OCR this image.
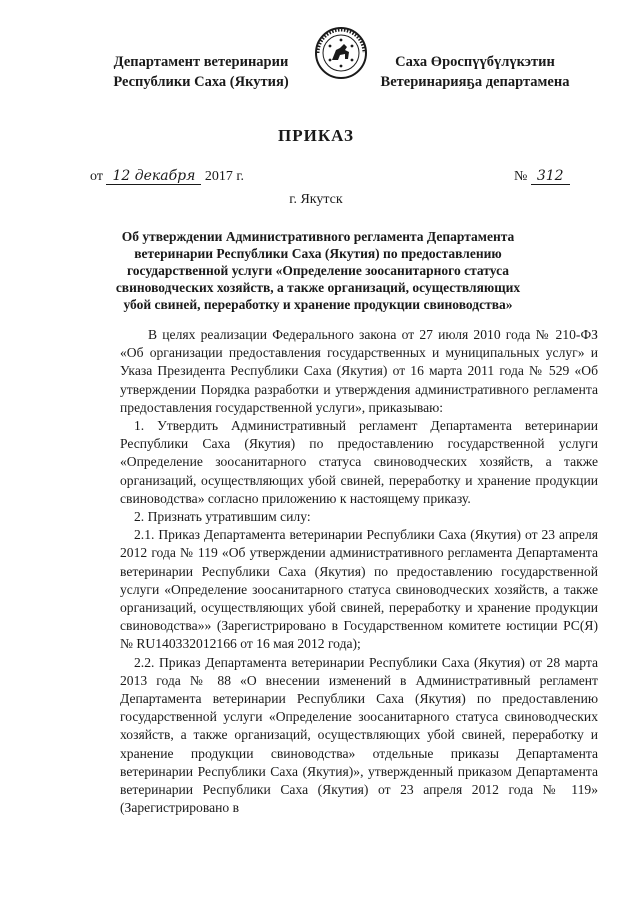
Департамент ветеринарии
Республики Саха (Якутия)
Саха Өроспүүбүлүкэтин
Ветеринарияҕа департамена
ПРИКАЗ
от 12 декабря 2017 г.	№ 312
г. Якутск
Об утверждении Административного регламента Департамента ветеринарии Республики Саха (Якутия) по предоставлению государственной услуги «Определение зоосанитарного статуса свиноводческих хозяйств, а также организаций, осуществляющих убой свиней, переработку и хранение продукции свиноводства»

В целях реализации Федерального закона от 27 июля 2010 года № 210-ФЗ «Об организации предоставления государственных и муниципальных услуг» и Указа Президента Республики Саха (Якутия) от 16 марта 2011 года № 529 «Об утверждении Порядка разработки и утверждения административного регламента предоставления государственной услуги», приказываю:

1. Утвердить Административный регламент Департамента ветеринарии Республики Саха (Якутия) по предоставлению государственной услуги «Определение зоосанитарного статуса свиноводческих хозяйств, а также организаций, осуществляющих убой свиней, переработку и хранение продукции свиноводства» согласно приложению к настоящему приказу.

2. Признать утратившим силу:

2.1. Приказ Департамента ветеринарии Республики Саха (Якутия) от 23 апреля 2012 года № 119 «Об утверждении административного регламента Департамента ветеринарии Республики Саха (Якутия) по предоставлению государственной услуги «Определение зоосанитарного статуса свиноводческих хозяйств, а также организаций, осуществляющих убой свиней, переработку и хранение продукции свиноводства»» (Зарегистрировано в Государственном комитете юстиции РС(Я) № RU140332012166 от 16 мая 2012 года);

2.2. Приказ Департамента ветеринарии Республики Саха (Якутия) от 28 марта 2013 года № 88 «О внесении изменений в Административный регламент Департамента ветеринарии Республики Саха (Якутия) по предоставлению государственной услуги «Определение зоосанитарного статуса свиноводческих хозяйств, а также организаций, осуществляющих убой свиней, переработку и хранение продукции свиноводства» отдельные приказы Департамента ветеринарии Республики Саха (Якутия)», утвержденный приказом Департамента ветеринарии Республики Саха (Якутия) от 23 апреля 2012 года № 119» (Зарегистрировано в
